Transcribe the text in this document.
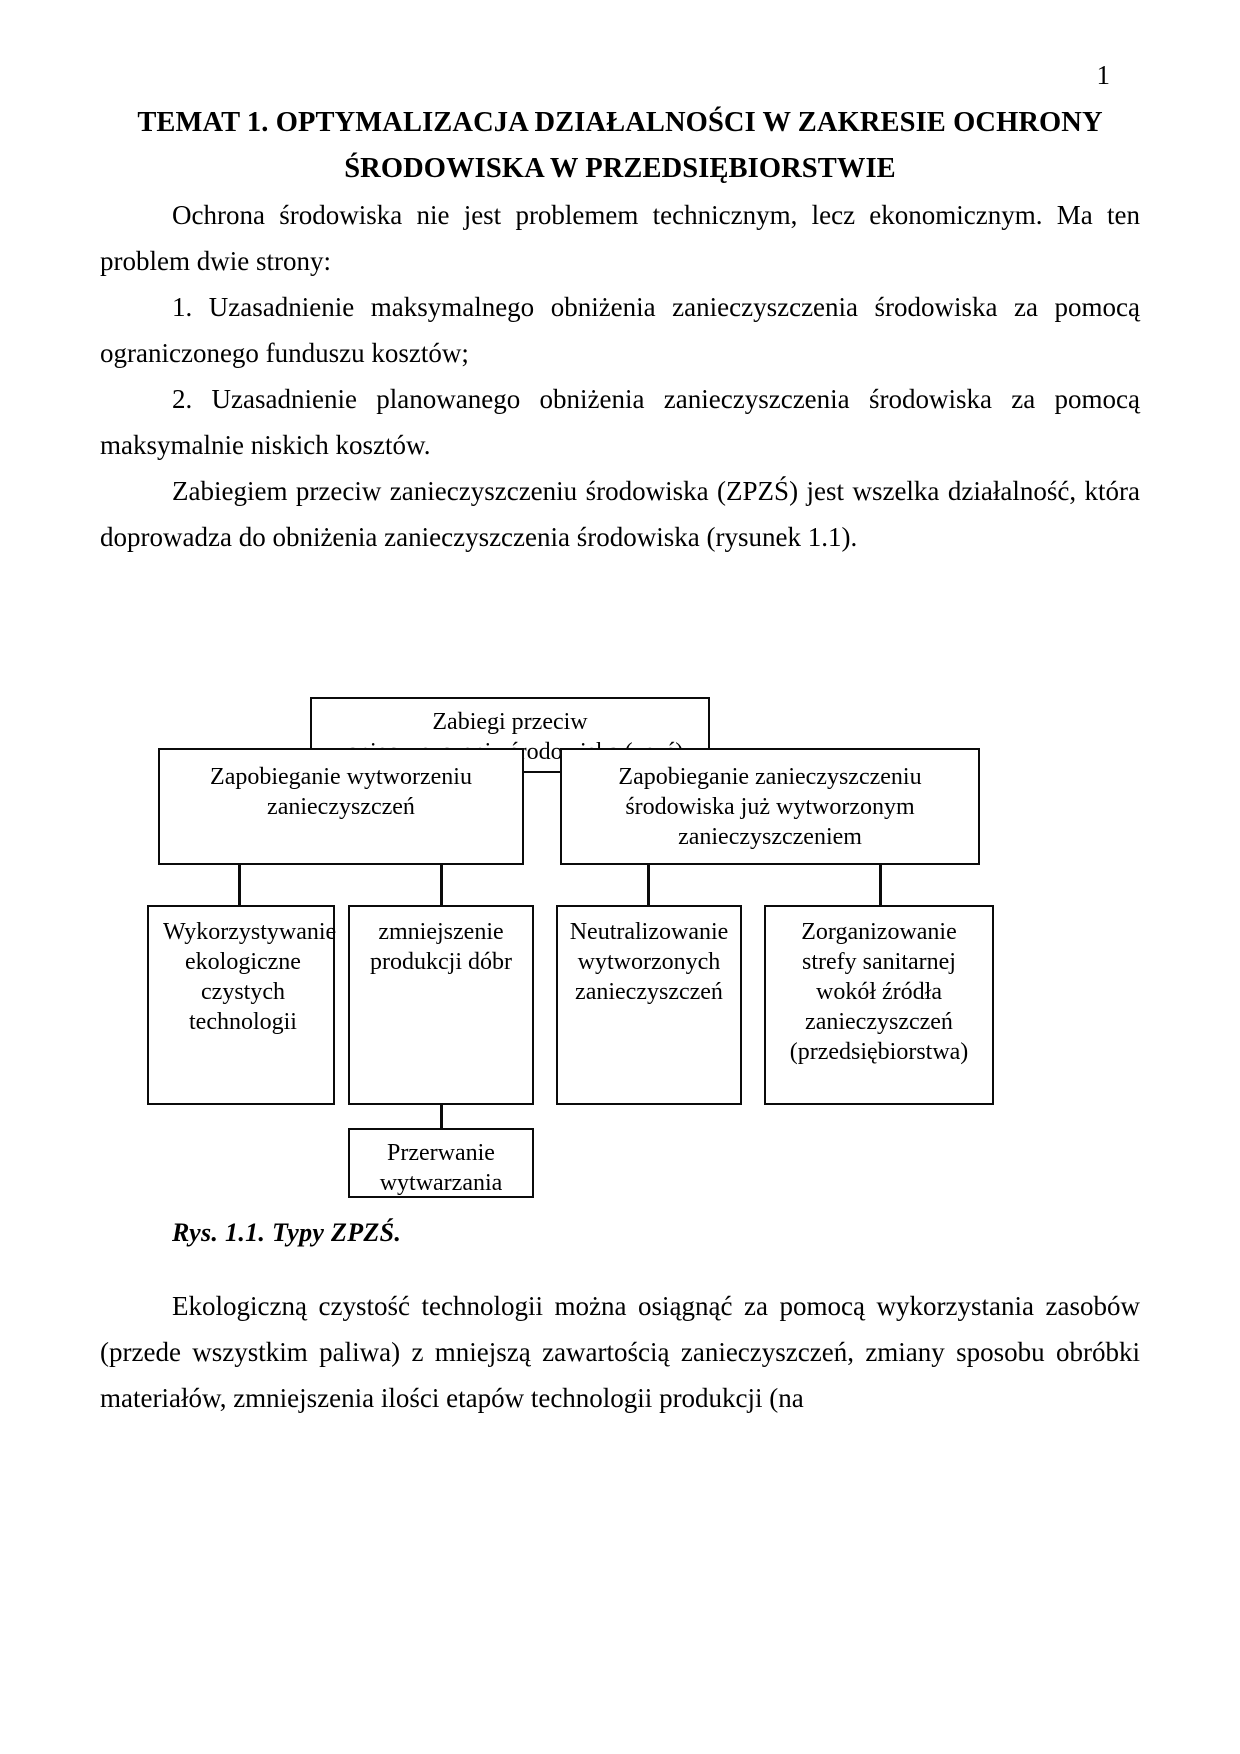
1
TEMAT 1. OPTYMALIZACJA DZIAŁALNOŚCI W ZAKRESIE OCHRONY
ŚRODOWISKA W PRZEDSIĘBIORSTWIE

Ochrona środowiska nie jest problemem technicznym, lecz ekonomicznym. Ma ten problem dwie strony:

1. Uzasadnienie maksymalnego obniżenia zanieczyszczenia środowiska za pomocą ograniczonego funduszu kosztów;

2. Uzasadnienie planowanego obniżenia zanieczyszczenia środowiska za pomocą maksymalnie niskich kosztów.

Zabiegiem przeciw zanieczyszczeniu środowiska (ZPZŚ) jest wszelka działalność, która doprowadza do obniżenia zanieczyszczenia środowiska (rysunek 1.1).

Zabiegi przeciw
Zapobieganie wytworzeniu
zanieczyszczeń
Zapobieganie zanieczyszczeniu
środowiska już wytworzonym
zanieczyszczeniem
Wykorzystywanie
ekologiczne
czystych
technologii
zmniejszenie
produkcji dóbr
Neutralizowanie
wytworzonych
zanieczyszczeń
Zorganizowanie
strefy sanitarnej
wokół źródła
zanieczyszczeń
(przedsiębiorstwa)
Przerwanie
wytwarzania
Rys. 1.1. Typy ZPZŚ.

Ekologiczną czystość technologii można osiągnąć za pomocą wykorzystania zasobów (przede wszystkim paliwa) z mniejszą zawartością zanieczyszczeń, zmiany sposobu obróbki materiałów, zmniejszenia ilości etapów technologii produkcji (na
